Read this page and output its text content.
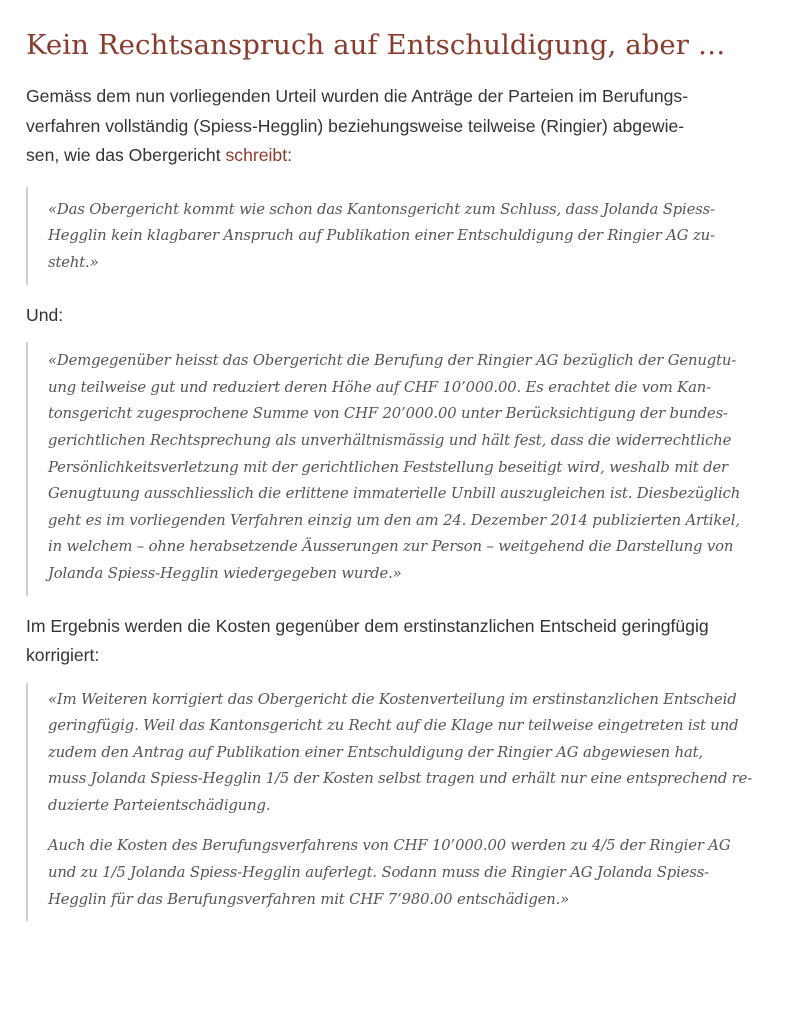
Kein Rechtsanspruch auf Entschuldigung, aber …

Gemäss dem nun vorliegenden Urteil wurden die Anträge der Parteien im Berufungs-
verfahren vollständig (Spiess-Hegglin) beziehungsweise teilweise (Ringier) abgewie-
sen, wie das Obergericht schreibt:

«Das Obergericht kommt wie schon das Kantonsgericht zum Schluss, dass Jolanda Spiess-
Hegglin kein klagbarer Anspruch auf Publikation einer Entschuldigung der Ringier AG zu-
steht.»

Und:

«Demgegenüber heisst das Obergericht die Berufung der Ringier AG bezüglich der Genugtu-
ung teilweise gut und reduziert deren Höhe auf CHF 10’000.00. Es erachtet die vom Kan-
tonsgericht zugesprochene Summe von CHF 20’000.00 unter Berücksichtigung der bundes-
gerichtlichen Rechtsprechung als unverhältnismässig und hält fest, dass die widerrechtliche
Persönlichkeitsverletzung mit der gerichtlichen Feststellung beseitigt wird, weshalb mit der
Genugtuung ausschliesslich die erlittene immaterielle Unbill auszugleichen ist. Diesbezüglich
geht es im vorliegenden Verfahren einzig um den am 24. Dezember 2014 publizierten Artikel,
in welchem – ohne herabsetzende Äusserungen zur Person – weitgehend die Darstellung von
Jolanda Spiess-Hegglin wiedergegeben wurde.»

Im Ergebnis werden die Kosten gegenüber dem erstinstanzlichen Entscheid geringfügig
korrigiert:

«Im Weiteren korrigiert das Obergericht die Kostenverteilung im erstinstanzlichen Entscheid
geringfügig. Weil das Kantonsgericht zu Recht auf die Klage nur teilweise eingetreten ist und
zudem den Antrag auf Publikation einer Entschuldigung der Ringier AG abgewiesen hat,
muss Jolanda Spiess-Hegglin 1/5 der Kosten selbst tragen und erhält nur eine entsprechend re-
duzierte Parteientschädigung.
Auch die Kosten des Berufungsverfahrens von CHF 10’000.00 werden zu 4/5 der Ringier AG
und zu 1/5 Jolanda Spiess-Hegglin auferlegt. Sodann muss die Ringier AG Jolanda Spiess-
Hegglin für das Berufungsverfahren mit CHF 7’980.00 entschädigen.»
